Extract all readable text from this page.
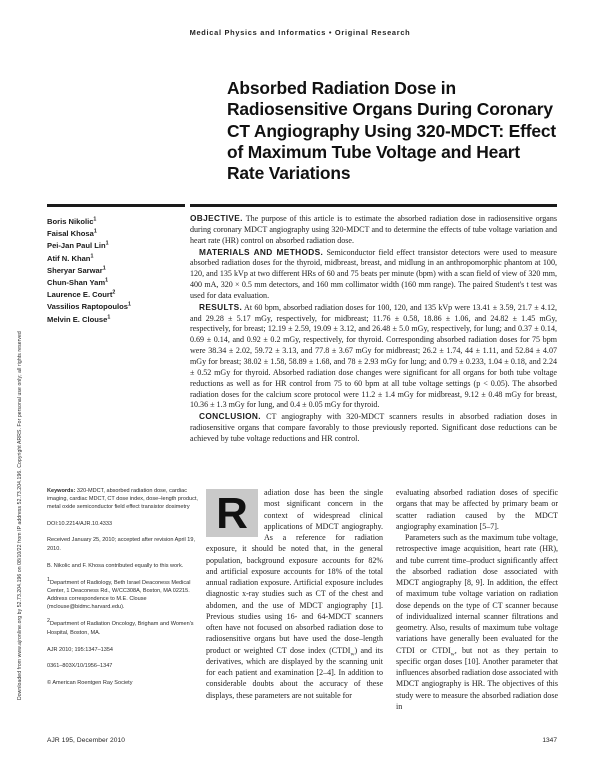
Downloaded from www.ajronline.org by 52.73.204.196 on 08/10/22 from IP address 52.73.204.196. Copyright ARRS. For personal use only; all rights reserved
Medical Physics and Informatics • Original Research
Absorbed Radiation Dose in Radiosensitive Organs During Coronary CT Angiography Using 320-MDCT: Effect of Maximum Tube Voltage and Heart Rate Variations
Boris Nikolic$^1$
Faisal Khosa$^1$
Pei-Jan Paul Lin$^1$
Atif N. Khan$^1$
Sheryar Sarwar$^1$
Chun-Shan Yam$^1$
Laurence E. Court$^2$
Vassilios Raptopoulos$^1$
Melvin E. Clouse$^1$

OBJECTIVE. The purpose of this article is to estimate the absorbed radiation dose in radiosensitive organs during coronary MDCT angiography using 320-MDCT and to determine the effects of tube voltage variation and heart rate (HR) control on absorbed radiation dose.

MATERIALS AND METHODS. Semiconductor field effect transistor detectors were used to measure absorbed radiation doses for the thyroid, midbreast, breast, and midlung in an anthropomorphic phantom at 100, 120, and 135 kVp at two different HRs of 60 and 75 beats per minute (bpm) with a scan field of view of 320 mm, 400 mA, 320 × 0.5 mm detectors, and 160 mm collimator width (160 mm range). The paired Student's t test was used for data evaluation.

RESULTS. At 60 bpm, absorbed radiation doses for 100, 120, and 135 kVp were 13.41 ± 3.59, 21.7 ± 4.12, and 29.28 ± 5.17 mGy, respectively, for midbreast; 11.76 ± 0.58, 18.86 ± 1.06, and 24.82 ± 1.45 mGy, respectively, for breast; 12.19 ± 2.59, 19.09 ± 3.12, and 26.48 ± 5.0 mGy, respectively, for lung; and 0.37 ± 0.14, 0.69 ± 0.14, and 0.92 ± 0.2 mGy, respectively, for thyroid. Corresponding absorbed radiation doses for 75 bpm were 38.34 ± 2.02, 59.72 ± 3.13, and 77.8 ± 3.67 mGy for midbreast; 26.2 ± 1.74, 44 ± 1.11, and 52.84 ± 4.07 mGy for breast; 38.02 ± 1.58, 58.89 ± 1.68, and 78 ± 2.93 mGy for lung; and 0.79 ± 0.233, 1.04 ± 0.18, and 2.24 ± 0.52 mGy for thyroid. Absorbed radiation dose changes were significant for all organs for both tube voltage reductions as well as for HR control from 75 to 60 bpm at all tube voltage settings (p < 0.05). The absorbed radiation doses for the calcium score protocol were 11.2 ± 1.4 mGy for midbreast, 9.12 ± 0.48 mGy for breast, 10.36 ± 1.3 mGy for lung, and 0.4 ± 0.05 mGy for thyroid.

CONCLUSION. CT angiography with 320-MDCT scanners results in absorbed radiation doses in radiosensitive organs that compare favorably to those previously reported. Significant dose reductions can be achieved by tube voltage reductions and HR control.

Keywords: 320-MDCT, absorbed radiation dose, cardiac imaging, cardiac MDCT, CT dose index, dose–length product, metal oxide semiconductor field effect transistor dosimetry
DOI:10.2214/AJR.10.4333
Received January 25, 2010; accepted after revision April 19, 2010.
B. Nikolic and F. Khosa contributed equally to this work.
$^1$Department of Radiology, Beth Israel Deaconess Medical Center, 1 Deaconess Rd., W/CC308A, Boston, MA 02215. Address correspondence to M.E. Clouse (mclouse@bidmc.harvard.edu).
$^2$Department of Radiation Oncology, Brigham and Women's Hospital, Boston, MA.
AJR 2010; 195:1347–1354
0361–803X/10/1956–1347
© American Roentgen Ray Society

R	adiation dose has been the single most significant concern in the context of widespread clinical applications of MDCT angiography. As a reference for radiation exposure, it should be noted that, in the general population, background exposure accounts for 82% and artificial exposure accounts for 18% of the total annual radiation exposure. Artificial exposure includes diagnostic x-ray studies such as CT of the chest and abdomen, and the use of MDCT angiography [1]. Previous studies using 16- and 64-MDCT scanners often have not focused on absorbed radiation dose to radiosensitive organs but have used the dose–length product or weighted CT dose index $(CTDI_w)$ and its derivatives, which are displayed by the scanning unit for each patient and examination [2–4]. In addition to considerable doubts about the accuracy of these displays, these parameters are not suitable for

evaluating absorbed radiation doses of specific organs that may be affected by primary beam or scatter radiation caused by the MDCT angiography examination [5–7].

Parameters such as the maximum tube voltage, retrospective image acquisition, heart rate (HR), and tube current time–product significantly affect the absorbed radiation dose associated with MDCT angiography [8, 9]. In addition, the effect of maximum tube voltage variation on radiation dose depends on the type of CT scanner because of individualized internal scanner filtrations and geometry. Also, results of maximum tube voltage variations have generally been evaluated for the CTDI or $CTDI_w$, but not as they pertain to specific organ doses [10]. Another parameter that influences absorbed radiation dose associated with MDCT angiography is HR. The objectives of this study were to measure the absorbed radiation dose in

AJR 195, December 2010	1347
